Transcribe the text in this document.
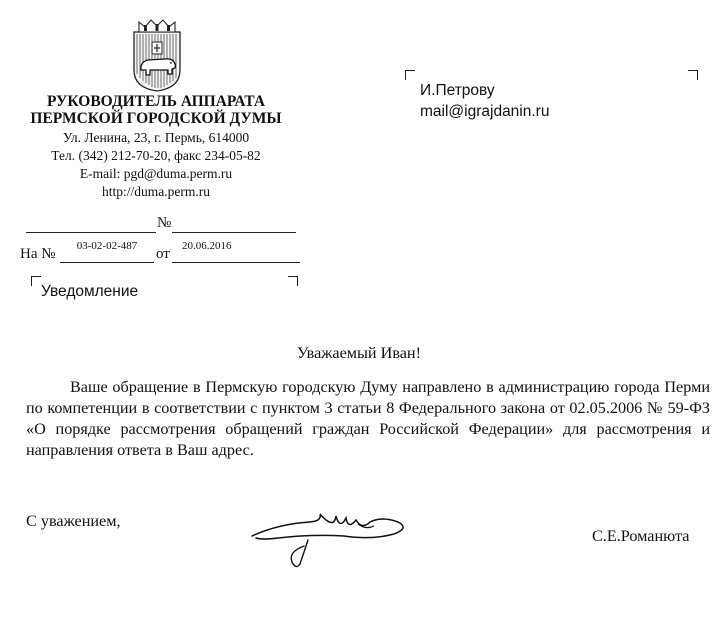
РУКОВОДИТЕЛЬ АППАРАТА
ПЕРМСКОЙ ГОРОДСКОЙ ДУМЫ
Ул. Ленина, 23, г. Пермь, 614000
Тел. (342) 212-70-20, факс 234-05-82
E-mail: pgd@duma.perm.ru
http://duma.perm.ru
№
На №	03-02-02-487	от	20.06.2016
Уведомление
И.Петрову
mail@igrajdanin.ru
Уважаемый Иван!

Ваше обращение в Пермскую городскую Думу направлено в администрацию города Перми по компетенции в соответствии с пунктом 3 статьи 8 Федерального закона от 02.05.2006 № 59-ФЗ «О порядке рассмотрения обращений граждан Российской Федерации» для рассмотрения и направления ответа в Ваш адрес.

С уважением,
С.Е.Романюта
